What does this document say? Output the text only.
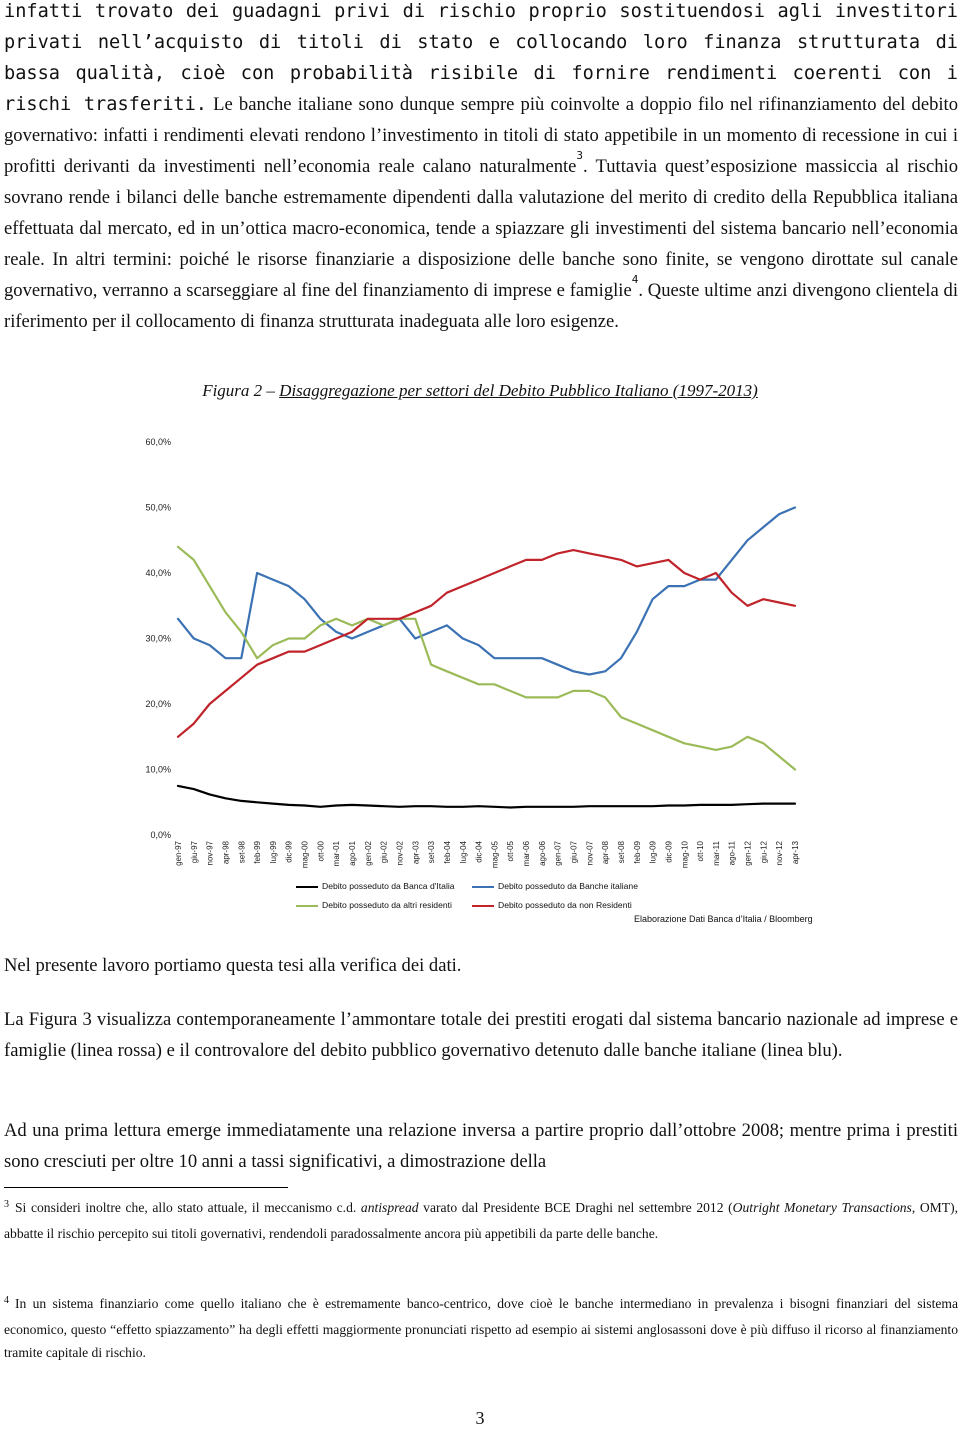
infatti trovato dei guadagni privi di rischio proprio sostituendosi agli investitori privati nell’acquisto di titoli di stato e collocando loro finanza strutturata di bassa qualità, cioè con probabilità risibile di fornire rendimenti coerenti con i rischi trasferiti. Le banche italiane sono dunque sempre più coinvolte a doppio filo nel rifinanziamento del debito governativo: infatti i rendimenti elevati rendono l’investimento in titoli di stato appetibile in un momento di recessione in cui i profitti derivanti da investimenti nell’economia reale calano naturalmente$^3$. Tuttavia quest’esposizione massiccia al rischio sovrano rende i bilanci delle banche estremamente dipendenti dalla valutazione del merito di credito della Repubblica italiana effettuata dal mercato, ed in un’ottica macro-economica, tende a spiazzare gli investimenti del sistema bancario nell’economia reale. In altri termini: poiché le risorse finanziarie a disposizione delle banche sono finite, se vengono dirottate sul canale governativo, verranno a scarseggiare al fine del finanziamento di imprese e famiglie$^4$. Queste ultime anzi divengono clientela di riferimento per il collocamento di finanza strutturata inadeguata alle loro esigenze.

Figura 2 – Disaggregazione per settori del Debito Pubblico Italiano (1997-2013)
0,0%
10,0%
20,0%
30,0%
40,0%
50,0%
60,0%
gen-97 giu-97 nov-97 apr-98 set-98 feb-99 lug-99 dic-99 mag-00 ott-00 mar-01 ago-01 gen-02 giu-02 nov-02 apr-03 set-03 feb-04 lug-04 dic-04 mag-05 ott-05 mar-06 ago-06 gen-07 giu-07 nov-07 apr-08 set-08 feb-09 lug-09 dic-09 mag-10 ott-10 mar-11 ago-11 gen-12 giu-12 nov-12 apr-13
Debito posseduto da Banca d'Italia	Debito posseduto da Banche italiane
Debito posseduto da altri residenti	Debito posseduto da non Residenti
Elaborazione Dati Banca d’Italia / Bloomberg

Nel presente lavoro portiamo questa tesi alla verifica dei dati.

La Figura 3 visualizza contemporaneamente l’ammontare totale dei prestiti erogati dal sistema bancario nazionale ad imprese e famiglie (linea rossa) e il controvalore del debito pubblico governativo detenuto dalle banche italiane (linea blu).

Ad una prima lettura emerge immediatamente una relazione inversa a partire proprio dall’ottobre 2008; mentre prima i prestiti sono cresciuti per oltre 10 anni a tassi significativi, a dimostrazione della

$^3$ Si consideri inoltre che, allo stato attuale, il meccanismo c.d. antispread varato dal Presidente BCE Draghi nel settembre 2012 (Outright Monetary Transactions, OMT), abbatte il rischio percepito sui titoli governativi, rendendoli paradossalmente ancora più appetibili da parte delle banche.

$^4$ In un sistema finanziario come quello italiano che è estremamente banco-centrico, dove cioè le banche intermediano in prevalenza i bisogni finanziari del sistema economico, questo “effetto spiazzamento” ha degli effetti maggiormente pronunciati rispetto ad esempio ai sistemi anglosassoni dove è più diffuso il ricorso al finanziamento tramite capitale di rischio.

3
